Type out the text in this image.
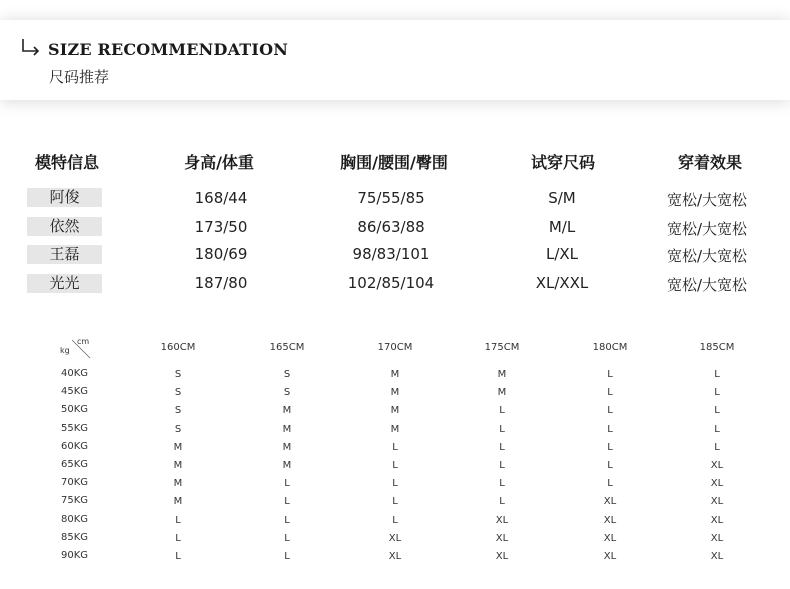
SIZE RECOMMENDATION
尺码推荐
模特信息	身高/体重	胸围/腰围/臀围	试穿尺码	穿着效果
阿俊	168/44	75/55/85	S/M	宽松/大宽松
依然	173/50	86/63/88	M/L	宽松/大宽松
王磊	180/69	98/83/101	L/XL	宽松/大宽松
光光	187/80	102/85/104	XL/XXL	宽松/大宽松
kg
cm
160CM	165CM	170CM	175CM	180CM	185CM
40KG	S	S	M	M	L	L
45KG	S	S	M	M	L	L
50KG	S	M	M	L	L	L
55KG	S	M	M	L	L	L
60KG	M	M	L	L	L	L
65KG	M	M	L	L	L	XL
70KG	M	L	L	L	L	XL
75KG	M	L	L	L	XL	XL
80KG	L	L	L	XL	XL	XL
85KG	L	L	XL	XL	XL	XL
90KG	L	L	XL	XL	XL	XL
